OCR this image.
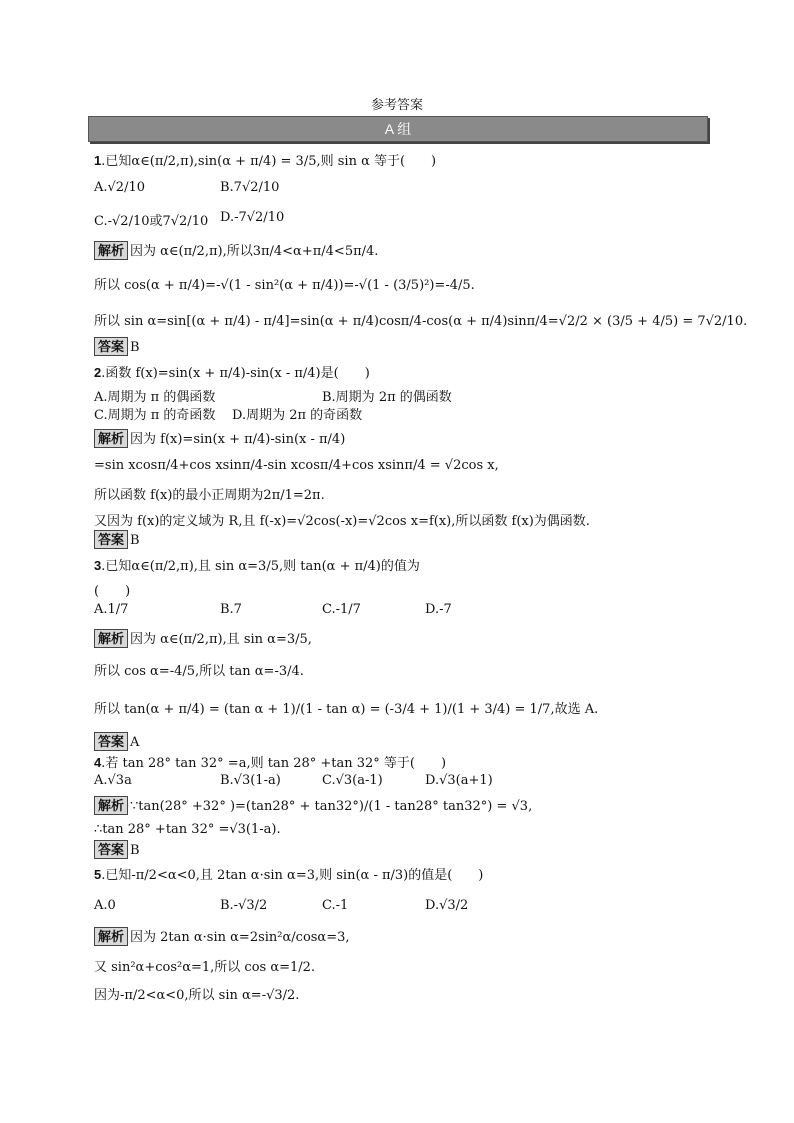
参考答案
A 组
1.已知α∈(π/2,π),sin(α + π/4) = 3/5,则 sin α 等于(　　)
A.√2/10	B.7√2/10
C.-√2/10或7√2/10 D.-7√2/10
解析 因为 α∈(π/2,π),所以3π/4<α+π/4<5π/4.
所以 cos(α + π/4)=-√(1 - sin²(α + π/4))=-√(1 - (3/5)²)=-4/5.
所以 sin α=sin[(α + π/4) - π/4]=sin(α + π/4)cosπ/4-cos(α + π/4)sinπ/4=√2/2 × (3/5 + 4/5) = 7√2/10.
答案 B
2.函数 f(x)=sin(x + π/4)-sin(x - π/4)是(　　)
A.周期为 π 的偶函数	B.周期为 2π 的偶函数
C.周期为 π 的奇函数 D.周期为 2π 的奇函数
解析 因为 f(x)=sin(x + π/4)-sin(x - π/4)
=sin xcosπ/4+cos xsinπ/4-sin xcosπ/4+cos xsinπ/4 = √2cos x,
所以函数 f(x)的最小正周期为2π/1=2π.
又因为 f(x)的定义域为 R,且 f(-x)=√2cos(-x)=√2cos x=f(x),所以函数 f(x)为偶函数.
答案 B
3.已知α∈(π/2,π),且 sin α=3/5,则 tan(α + π/4)的值为
(　　)
A.1/7	B.7	C.-1/7	D.-7
解析 因为 α∈(π/2,π),且 sin α=3/5,
所以 cos α=-4/5,所以 tan α=-3/4.
所以 tan(α + π/4) = (tan α + 1)/(1 - tan α) = (-3/4 + 1)/(1 + 3/4) = 1/7,故选 A.
答案 A
4.若 tan 28° tan 32° =a,则 tan 28° +tan 32° 等于(　　)
A.√3a	B.√3(1-a)	C.√3(a-1)	D.√3(a+1)
解析 ∵tan(28° +32° )=(tan28° + tan32°)/(1 - tan28° tan32°) = √3,
∴tan 28° +tan 32° =√3(1-a).
答案 B
5.已知-π/2<α<0,且 2tan α·sin α=3,则 sin(α - π/3)的值是(　　)
A.0	B.-√3/2	C.-1	D.√3/2
解析 因为 2tan α·sin α=2sin²α/cosα=3,
又 sin²α+cos²α=1,所以 cos α=1/2.
因为-π/2<α<0,所以 sin α=-√3/2.
